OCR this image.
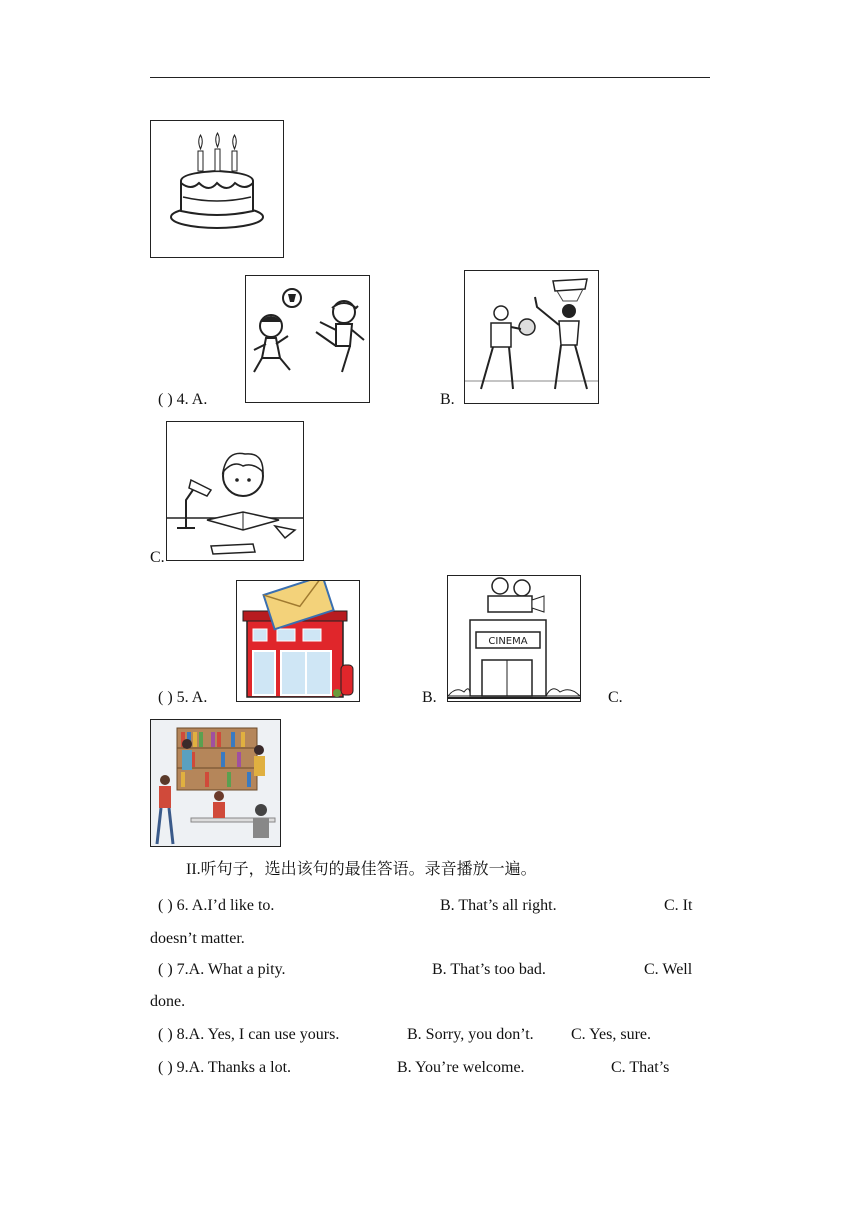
( ) 4. A.	B.
C.
( ) 5. A.	B.
CINEMA
C.
II.听句子，选出该句的最佳答语。录音播放一遍。
( ) 6. A.I’d like to.	B. That’s all right.	C. It
doesn’t matter.
( ) 7.A. What a pity.	B. That’s too bad.	C. Well
done.
( ) 8.A. Yes, I can use yours.	B. Sorry, you don’t. C. Yes, sure.
( ) 9.A. Thanks a lot.	B. You’re welcome.	C. That’s
